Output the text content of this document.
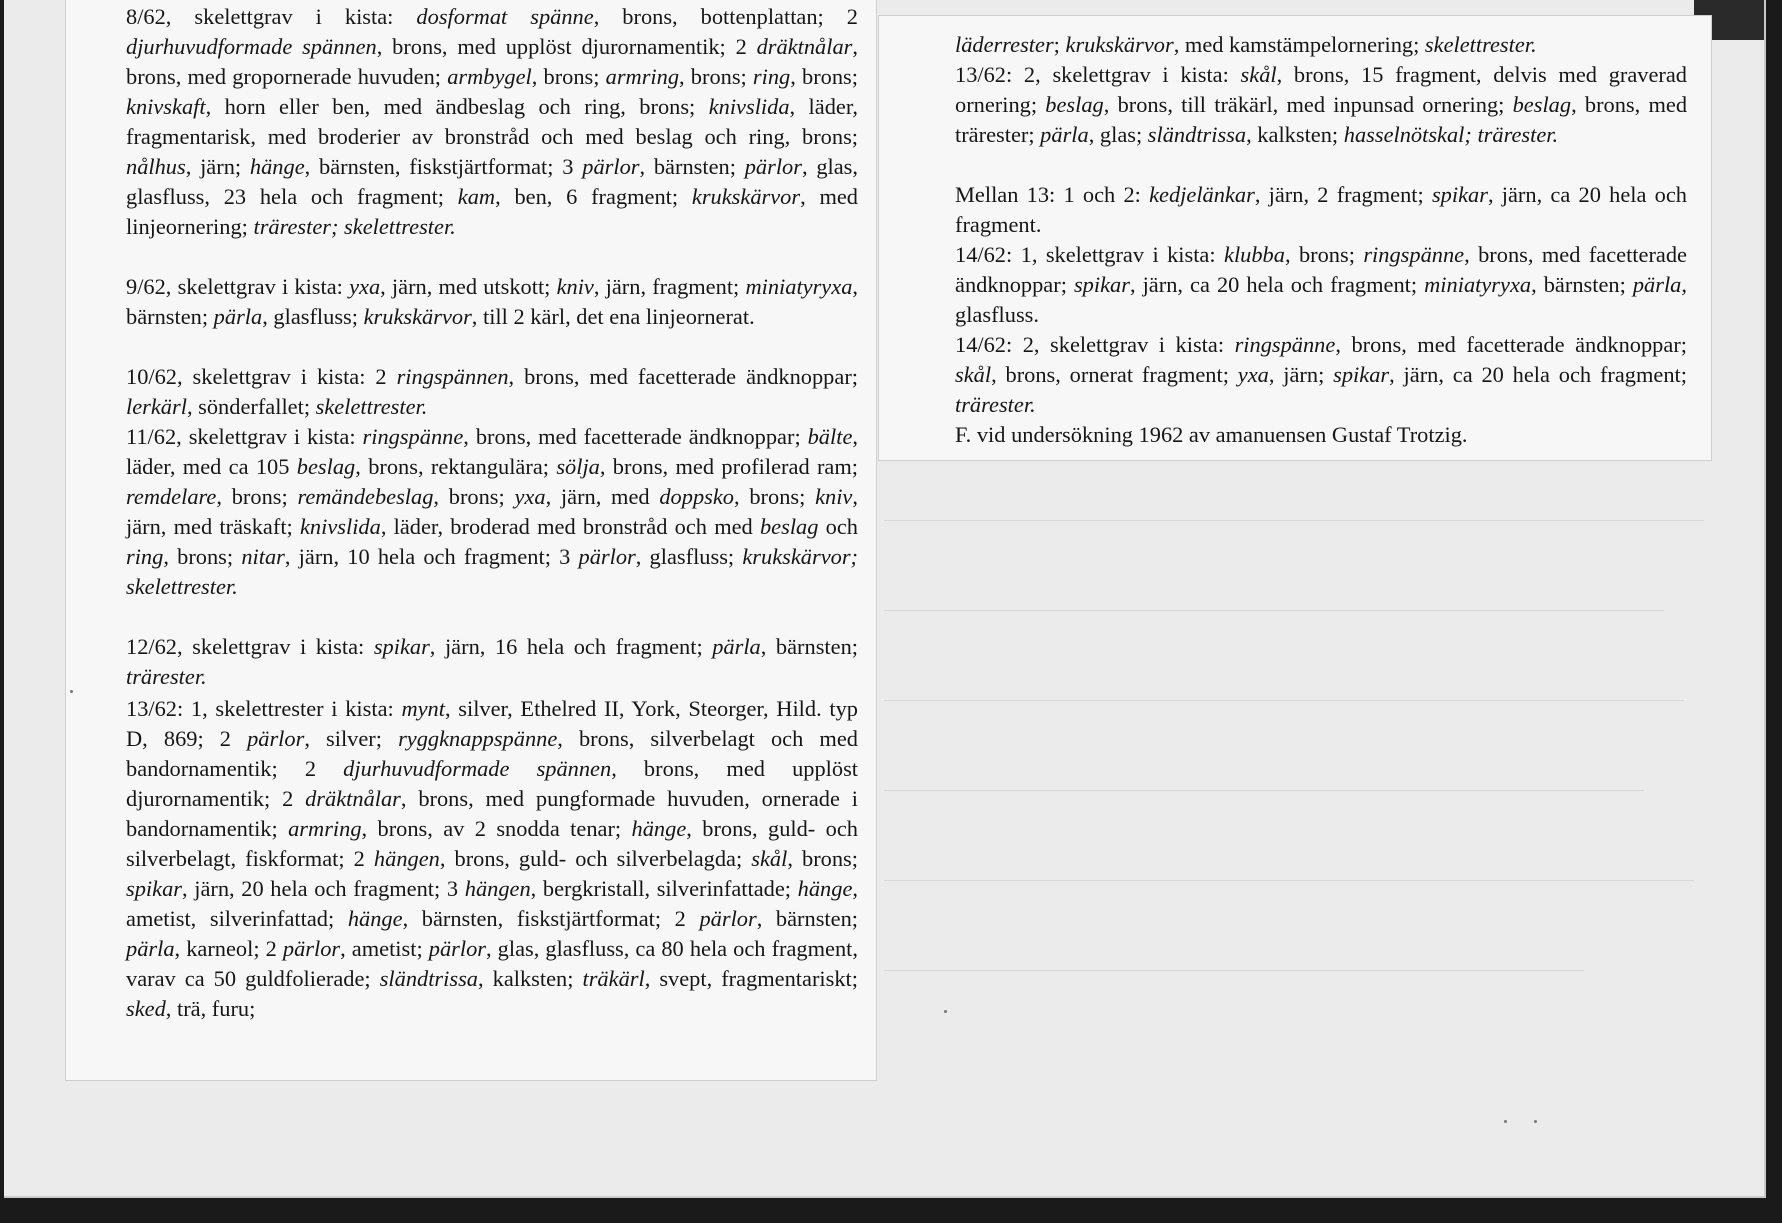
8/62, skelettgrav i kista: dosformat spänne, brons, bottenplattan; 2 djurhuvudformade spännen, brons, med upplöst djurornamentik; 2 dräktnålar, brons, med gropornerade huvuden; armbygel, brons; armring, brons; ring, brons; knivskaft, horn eller ben, med ändbeslag och ring, brons; knivslida, läder, fragmentarisk, med broderier av bronstråd och med beslag och ring, brons; nålhus, järn; hänge, bärnsten, fiskstjärtformat; 3 pärlor, bärnsten; pärlor, glas, glasfluss, 23 hela och fragment; kam, ben, 6 fragment; krukskärvor, med linjeornering; trärester; skelettrester.

9/62, skelettgrav i kista: yxa, järn, med utskott; kniv, järn, fragment; miniatyryxa, bärnsten; pärla, glasfluss; krukskärvor, till 2 kärl, det ena linjeornerat.

10/62, skelettgrav i kista: 2 ringspännen, brons, med facetterade ändknoppar; lerkärl, sönderfallet; skelettrester.

11/62, skelettgrav i kista: ringspänne, brons, med facetterade ändknoppar; bälte, läder, med ca 105 beslag, brons, rektangulära; sölja, brons, med profilerad ram; remdelare, brons; remändebeslag, brons; yxa, järn, med doppsko, brons; kniv, järn, med träskaft; knivslida, läder, broderad med bronstråd och med beslag och ring, brons; nitar, järn, 10 hela och fragment; 3 pärlor, glasfluss; krukskärvor; skelettrester.

12/62, skelettgrav i kista: spikar, järn, 16 hela och fragment; pärla, bärnsten; trärester.

13/62: 1, skelettrester i kista: mynt, silver, Ethelred II, York, Steorger, Hild. typ D, 869; 2 pärlor, silver; ryggknappspänne, brons, silverbelagt och med bandornamentik; 2 djurhuvudformade spännen, brons, med upplöst djurornamentik; 2 dräktnålar, brons, med pungformade huvuden, ornerade i bandornamentik; armring, brons, av 2 snodda tenar; hänge, brons, guld- och silverbelagt, fiskformat; 2 hängen, brons, guld- och silverbelagda; skål, brons; spikar, järn, 20 hela och fragment; 3 hängen, bergkristall, silverinfattade; hänge, ametist, silverinfattad; hänge, bärnsten, fiskstjärtformat; 2 pärlor, bärnsten; pärla, karneol; 2 pärlor, ametist; pärlor, glas, glasfluss, ca 80 hela och fragment, varav ca 50 guldfolierade; sländtrissa, kalksten; träkärl, svept, fragmentariskt; sked, trä, furu;

läderrester; krukskärvor, med kamstämpelornering; skelettrester.

13/62: 2, skelettgrav i kista: skål, brons, 15 fragment, delvis med graverad ornering; beslag, brons, till träkärl, med inpunsad ornering; beslag, brons, med trärester; pärla, glas; sländtrissa, kalksten; hasselnötskal; trärester.

Mellan 13: 1 och 2: kedjelänkar, järn, 2 fragment; spikar, järn, ca 20 hela och fragment.

14/62: 1, skelettgrav i kista: klubba, brons; ringspänne, brons, med facetterade ändknoppar; spikar, järn, ca 20 hela och fragment; miniatyryxa, bärnsten; pärla, glasfluss.

14/62: 2, skelettgrav i kista: ringspänne, brons, med facetterade ändknoppar; skål, brons, ornerat fragment; yxa, järn; spikar, järn, ca 20 hela och fragment; trärester.

F. vid undersökning 1962 av amanuensen Gustaf Trotzig.
